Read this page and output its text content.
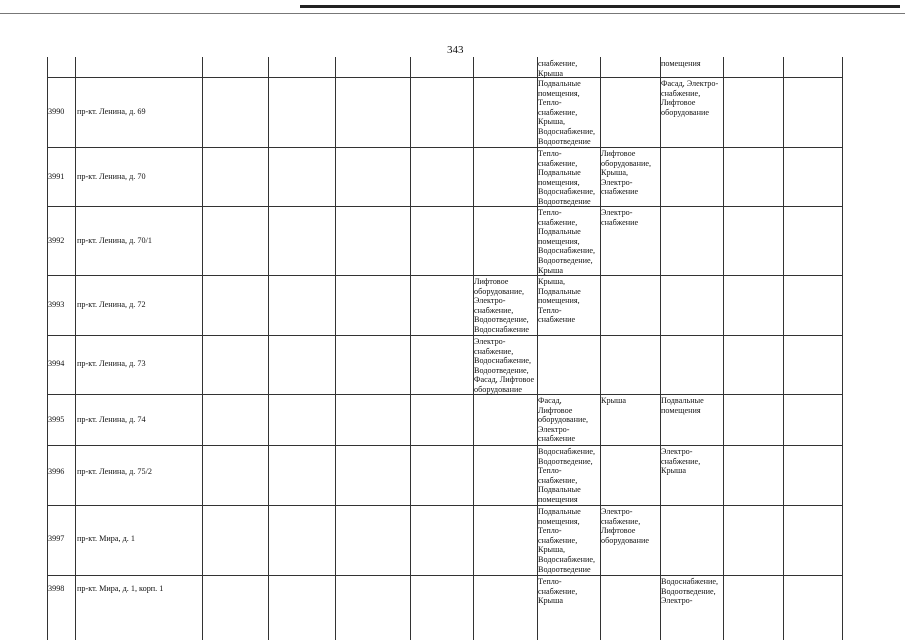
343
снабжение,
Крыша
помещения
3990 пр-кт. Ленина, д. 69
Подвальные
помещения,
Тепло-
снабжение,
Крыша,
Водоснабжение,
Водоотведение
Фасад, Электро-
снабжение,
Лифтовое
оборудование
3991 пр-кт. Ленина, д. 70
Тепло-
снабжение,
Подвальные
помещения,
Водоснабжение,
Водоотведение
Лифтовое
оборудование,
Крыша,
Электро-
снабжение
3992 пр-кт. Ленина, д. 70/1
Тепло-
снабжение,
Подвальные
помещения,
Водоснабжение,
Водоотведение,
Крыша
Электро-
снабжение
3993 пр-кт. Ленина, д. 72
Лифтовое
оборудование,
Электро-
снабжение,
Водоотведение,
Водоснабжение
Крыша,
Подвальные
помещения,
Тепло-
снабжение
3994 пр-кт. Ленина, д. 73
Электро-
снабжение,
Водоснабжение,
Водоотведение,
Фасад, Лифтовое
оборудование
3995 пр-кт. Ленина, д. 74
Фасад,
Лифтовое
оборудование,
Электро-
снабжение
Крыша	Подвальные
помещения
3996 пр-кт. Ленина, д. 75/2
Водоснабжение,
Водоотведение,
Тепло-
снабжение,
Подвальные
помещения
Электро-
снабжение,
Крыша
3997 пр-кт. Мира, д. 1
Подвальные
помещения,
Тепло-
снабжение,
Крыша,
Водоснабжение,
Водоотведение
Электро-
снабжение,
Лифтовое
оборудование
3998 пр-кт. Мира, д. 1, корп. 1
Тепло-
снабжение,
Крыша
Водоснабжение,
Водоотведение,
Электро-
